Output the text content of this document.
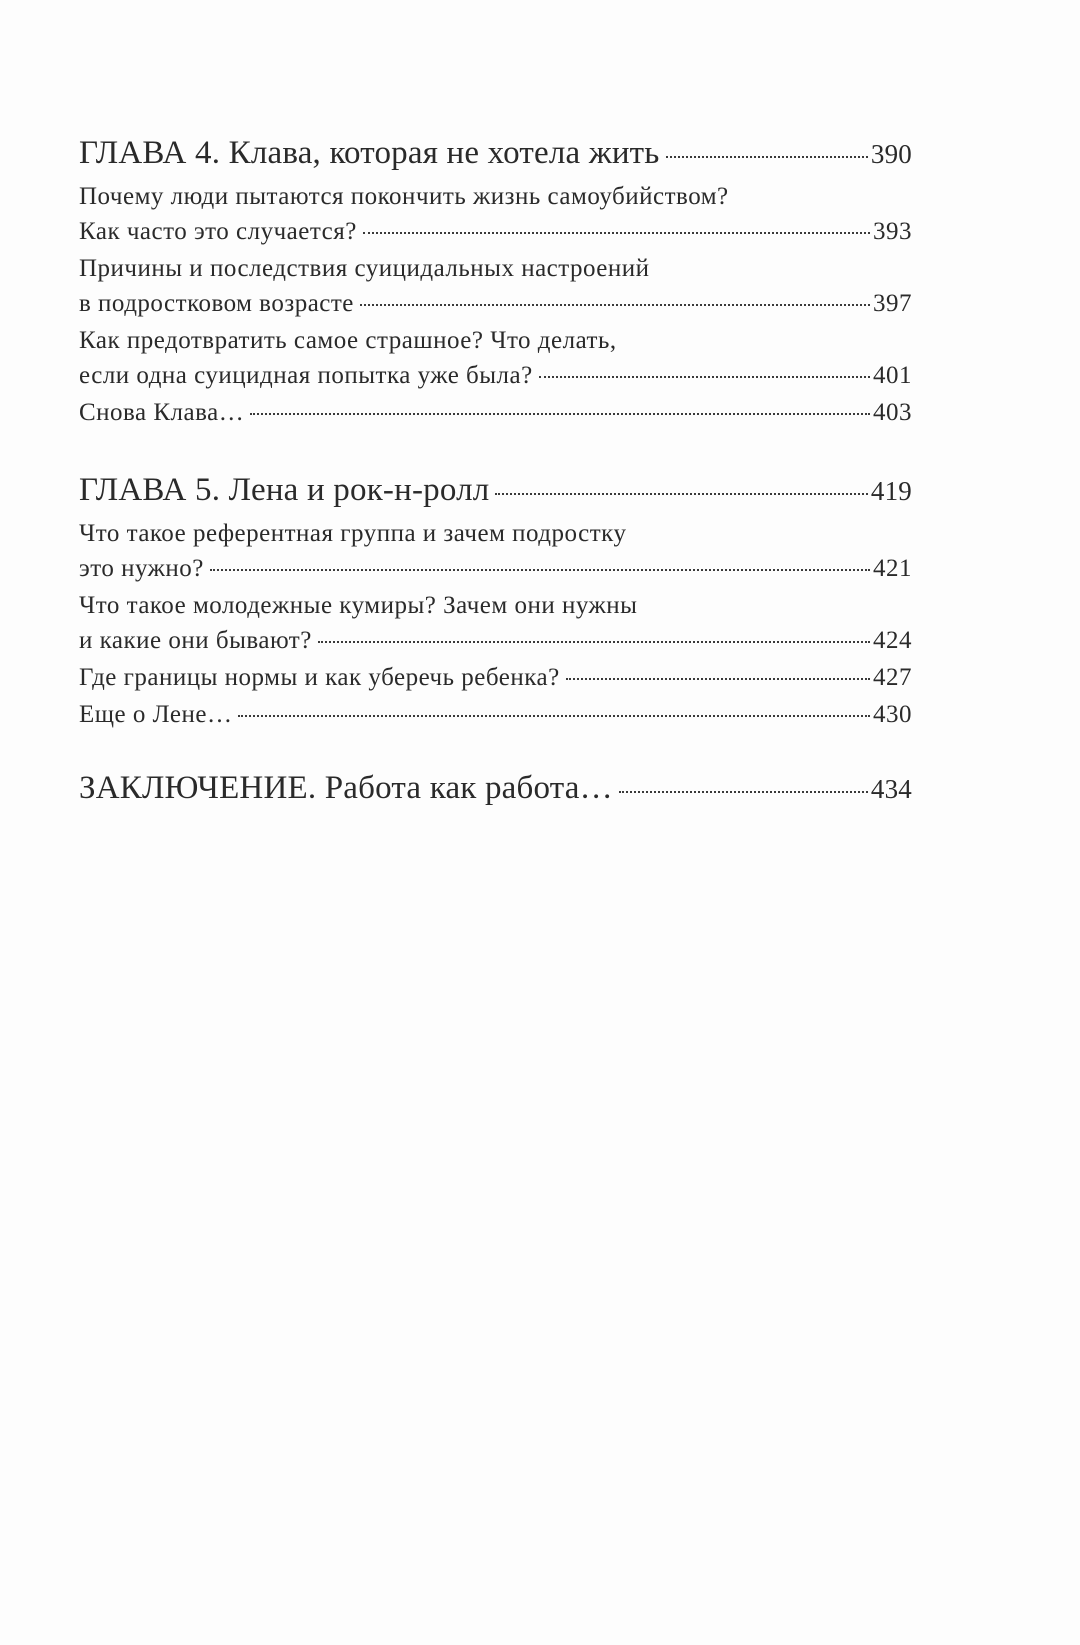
ГЛАВА 4. Клава, которая не хотела жить	390
Почему люди пытаются покончить жизнь самоубийством?
Как часто это случается?	393
Причины и последствия суицидальных настроений
в подростковом возрасте	397
Как предотвратить самое страшное? Что делать,
если одна суицидная попытка уже была?	401
Снова Клава…	403
ГЛАВА 5. Лена и рок-н-ролл	419
Что такое референтная группа и зачем подростку
это нужно?	421
Что такое молодежные кумиры? Зачем они нужны
и какие они бывают?	424
Где границы нормы и как уберечь ребенка?	427
Еще о Лене…	430
ЗАКЛЮЧЕНИЕ. Работа как работа…	434
